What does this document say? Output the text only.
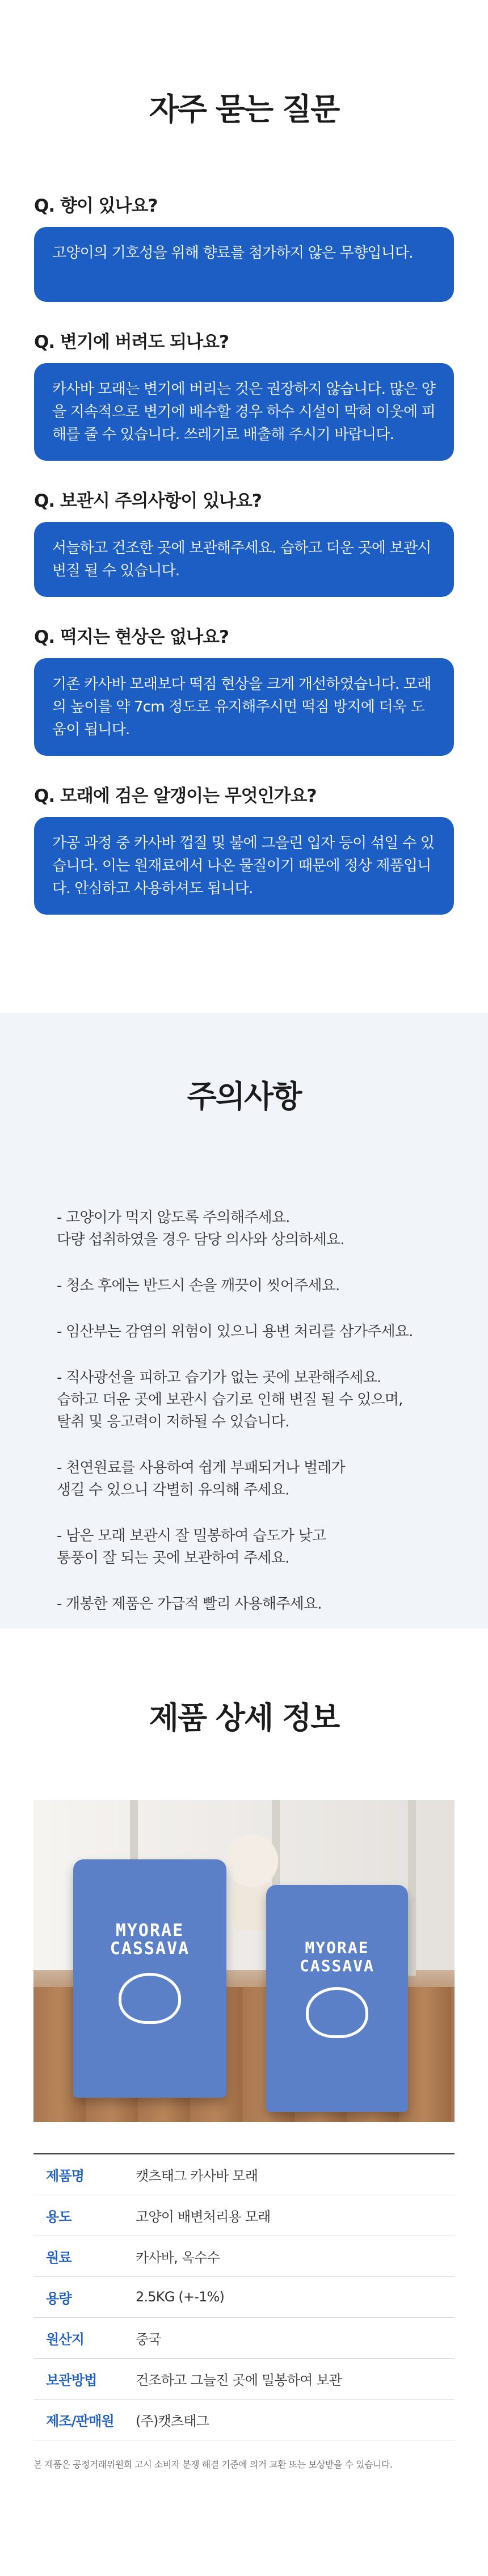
자주 묻는 질문
Q. 향이 있나요?
고양이의 기호성을 위해 향료를 첨가하지 않은 무향입니다.
Q. 변기에 버려도 되나요?
카사바 모래는 변기에 버리는 것은 권장하지 않습니다. 많은 양을 지속적으로 변기에 배수할 경우 하수 시설이 막혀 이웃에 피해를 줄 수 있습니다. 쓰레기로 배출해 주시기 바랍니다.
Q. 보관시 주의사항이 있나요?
서늘하고 건조한 곳에 보관해주세요. 습하고 더운 곳에 보관시 변질 될 수 있습니다.
Q. 떡지는 현상은 없나요?
기존 카사바 모래보다 떡짐 현상을 크게 개선하였습니다. 모래의 높이를 약 7cm 정도로 유지해주시면 떡짐 방지에 더욱 도움이 됩니다.
Q. 모래에 검은 알갱이는 무엇인가요?
가공 과정 중 카사바 껍질 및 불에 그을린 입자 등이 섞일 수 있습니다. 이는 원재료에서 나온 물질이기 때문에 정상 제품입니다. 안심하고 사용하셔도 됩니다.
주의사항
- 고양이가 먹지 않도록 주의해주세요.
다량 섭취하였을 경우 담당 의사와 상의하세요.
- 청소 후에는 반드시 손을 깨끗이 씻어주세요.
- 임산부는 감염의 위험이 있으니 용변 처리를 삼가주세요.
- 직사광선을 피하고 습기가 없는 곳에 보관해주세요.
습하고 더운 곳에 보관시 습기로 인해 변질 될 수 있으며,
탈취 및 응고력이 저하될 수 있습니다.
- 천연원료를 사용하여 쉽게 부패되거나 벌레가
생길 수 있으니 각별히 유의해 주세요.
- 남은 모래 보관시 잘 밀봉하여 습도가 낮고
통풍이 잘 되는 곳에 보관하여 주세요.
- 개봉한 제품은 가급적 빨리 사용해주세요.
제품 상세 정보
MYORAE
CASSAVA	MYORAE
CASSAVA
제품명	캣츠태그 카사바 모래
용도	고양이 배변처리용 모래
원료	카사바, 옥수수
용량	2.5KG (+-1%)
원산지	중국
보관방법	건조하고 그늘진 곳에 밀봉하여 보관
제조/판매원	(주)캣츠태그

본 제품은 공정거래위원회 고시 소비자 분쟁 해결 기준에 의거 교환 또는 보상받을 수 있습니다.
